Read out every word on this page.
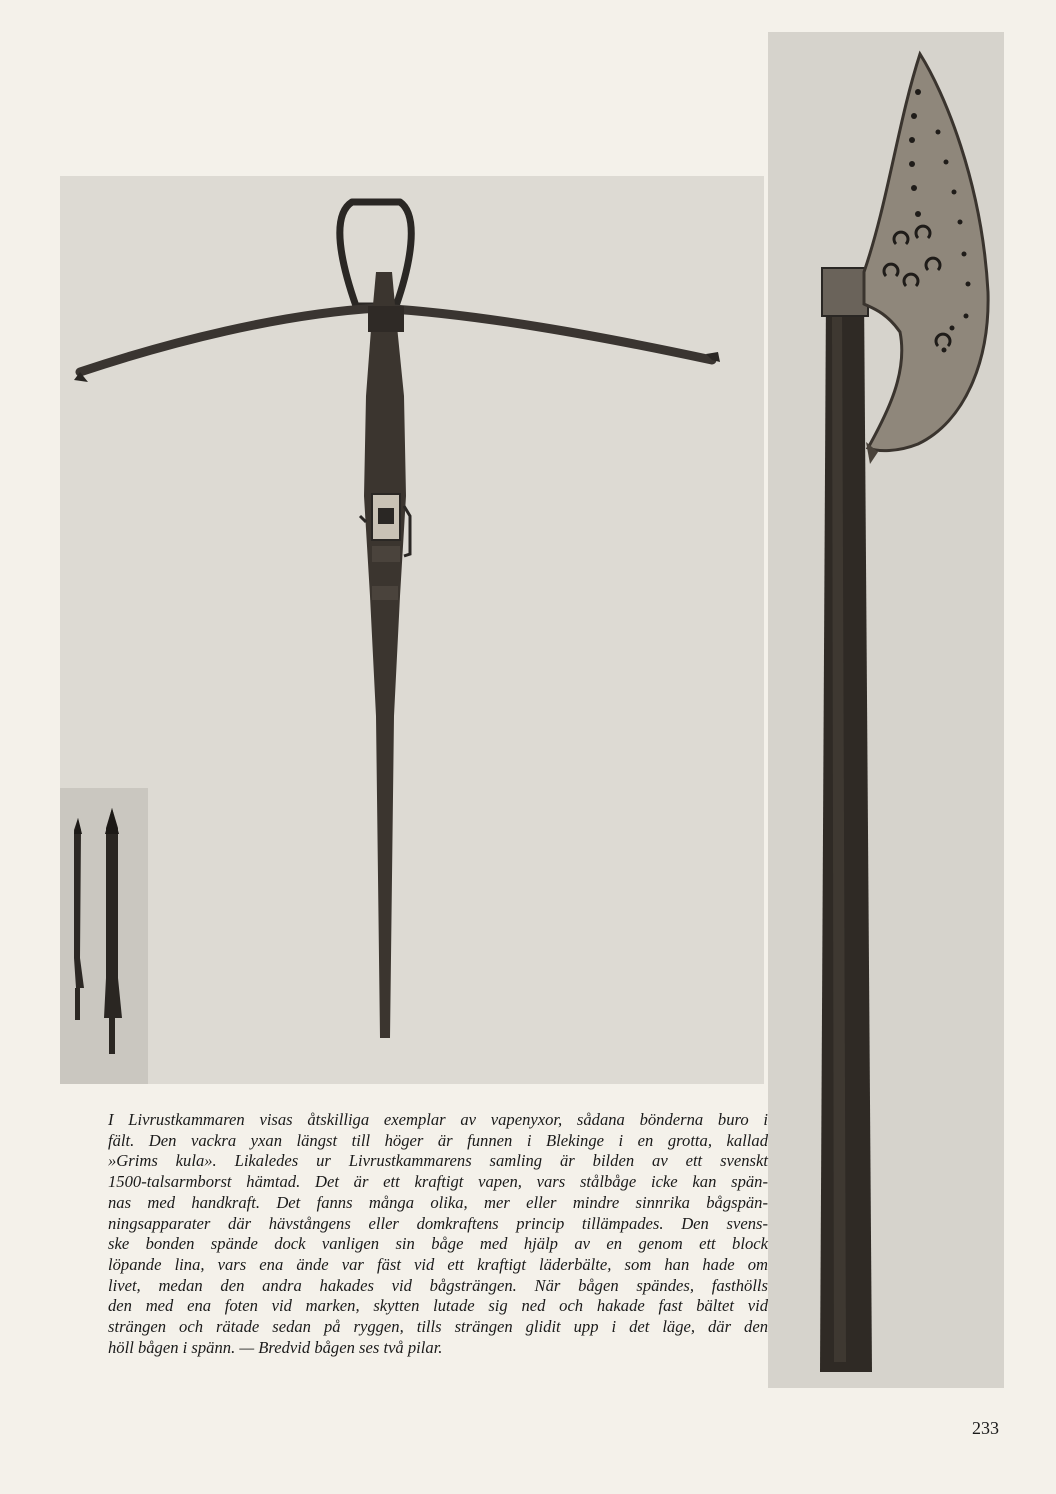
I Livrustkammaren visas åtskilliga exemplar av vapenyxor, sådana bönderna buro i
fält. Den vackra yxan längst till höger är funnen i Blekinge i en grotta, kallad
»Grims kula». Likaledes ur Livrustkammarens samling är bilden av ett svenskt
1500-talsarmborst hämtad. Det är ett kraftigt vapen, vars stålbåge icke kan spän-
nas med handkraft. Det fanns många olika, mer eller mindre sinnrika bågspän-
ningsapparater där hävstångens eller domkraftens princip tillämpades. Den svens-
ske bonden spände dock vanligen sin båge med hjälp av en genom ett block
löpande lina, vars ena ände var fäst vid ett kraftigt läderbälte, som han hade om
livet, medan den andra hakades vid bågsträngen. När bågen spändes, fasthölls
den med ena foten vid marken, skytten lutade sig ned och hakade fast bältet vid
strängen och rätade sedan på ryggen, tills strängen glidit upp i det läge, där den
höll bågen i spänn. — Bredvid bågen ses två pilar.

233
